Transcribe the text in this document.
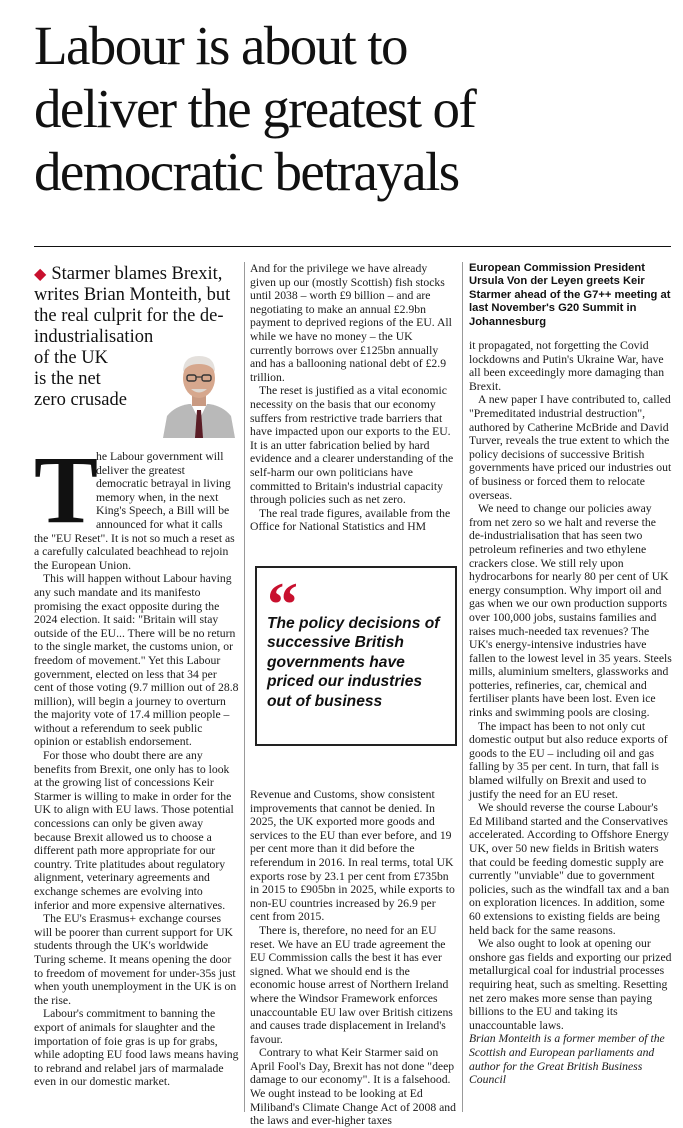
Labour is about to
deliver the greatest of
democratic betrayals
◆ Starmer blames Brexit,
writes Brian Monteith, but
the real culprit for the de-
industrialisation
of the UK
is the net
zero crusade
T

he Labour government will deliver the greatest democratic betrayal in living memory when, in the next King's Speech, a Bill will be announced for what it calls the "EU Reset". It is not so much a reset as a carefully calculated beachhead to rejoin the European Union.

This will happen without Labour having any such mandate and its manifesto promising the exact opposite during the 2024 election. It said: "Britain will stay outside of the EU... There will be no return to the single market, the customs union, or freedom of movement." Yet this Labour government, elected on less that 34 per cent of those voting (9.7 million out of 28.8 million), will begin a journey to overturn the majority vote of 17.4 million people – without a referendum to seek public opinion or establish endorsement.

For those who doubt there are any benefits from Brexit, one only has to look at the growing list of concessions Keir Starmer is willing to make in order for the UK to align with EU laws. Those potential concessions can only be given away because Brexit allowed us to choose a different path more appropriate for our country. Trite platitudes about regulatory alignment, veterinary agreements and exchange schemes are evolving into inferior and more expensive alternatives.

The EU's Erasmus+ exchange courses will be poorer than current support for UK students through the UK's worldwide Turing scheme. It means opening the door to freedom of movement for under-35s just when youth unemployment in the UK is on the rise.

Labour's commitment to banning the export of animals for slaughter and the importation of foie gras is up for grabs, while adopting EU food laws means having to rebrand and relabel jars of marmalade even in our domestic market.

And for the privilege we have already given up our (mostly Scottish) fish stocks until 2038 – worth £9 billion – and are negotiating to make an annual £2.9bn payment to deprived regions of the EU. All while we have no money – the UK currently borrows over £125bn annually and has a ballooning national debt of £2.9 trillion.

The reset is justified as a vital economic necessity on the basis that our economy suffers from restrictive trade barriers that have impacted upon our exports to the EU. It is an utter fabrication belied by hard evidence and a clearer understanding of the self-harm our own politicians have committed to Britain's industrial capacity through policies such as net zero.

The real trade figures, available from the Office for National Statistics and HM

“
The policy decisions of successive British governments have priced our industries out of business

Revenue and Customs, show consistent improvements that cannot be denied. In 2025, the UK exported more goods and services to the EU than ever before, and 19 per cent more than it did before the referendum in 2016. In real terms, total UK exports rose by 23.1 per cent from £735bn in 2015 to £905bn in 2025, while exports to non-EU countries increased by 26.9 per cent from 2015.

There is, therefore, no need for an EU reset. We have an EU trade agreement the EU Commission calls the best it has ever signed. What we should end is the economic house arrest of Northern Ireland where the Windsor Framework enforces unaccountable EU law over British citizens and causes trade displacement in Ireland's favour.

Contrary to what Keir Starmer said on April Fool's Day, Brexit has not done "deep damage to our economy". It is a falsehood. We ought instead to be looking at Ed Miliband's Climate Change Act of 2008 and the laws and ever-higher taxes

European Commission President Ursula Von der Leyen greets Keir Starmer ahead of the G7++ meeting at last November's G20 Summit in Johannesburg

it propagated, not forgetting the Covid lockdowns and Putin's Ukraine War, have all been exceedingly more damaging than Brexit.

A new paper I have contributed to, called "Premeditated industrial destruction", authored by Catherine McBride and David Turver, reveals the true extent to which the policy decisions of successive British governments have priced our industries out of business or forced them to relocate overseas.

We need to change our policies away from net zero so we halt and reverse the de-industrialisation that has seen two petroleum refineries and two ethylene crackers close. We still rely upon hydrocarbons for nearly 80 per cent of UK energy consumption. Why import oil and gas when we our own production supports over 100,000 jobs, sustains families and raises much-needed tax revenues? The UK's energy-intensive industries have fallen to the lowest level in 35 years. Steels mills, aluminium smelters, glassworks and potteries, refineries, car, chemical and fertiliser plants have been lost. Even ice rinks and swimming pools are closing.

The impact has been to not only cut domestic output but also reduce exports of goods to the EU – including oil and gas falling by 35 per cent. In turn, that fall is blamed wilfully on Brexit and used to justify the need for an EU reset.

We should reverse the course Labour's Ed Miliband started and the Conservatives accelerated. According to Offshore Energy UK, over 50 new fields in British waters that could be feeding domestic supply are currently "unviable" due to government policies, such as the windfall tax and a ban on exploration licences. In addition, some 60 extensions to existing fields are being held back for the same reasons.

We also ought to look at opening our onshore gas fields and exporting our prized metallurgical coal for industrial processes requiring heat, such as smelting. Resetting net zero makes more sense than paying billions to the EU and taking its unaccountable laws.

Brian Monteith is a former member of the Scottish and European parliaments and author for the Great British Business Council
